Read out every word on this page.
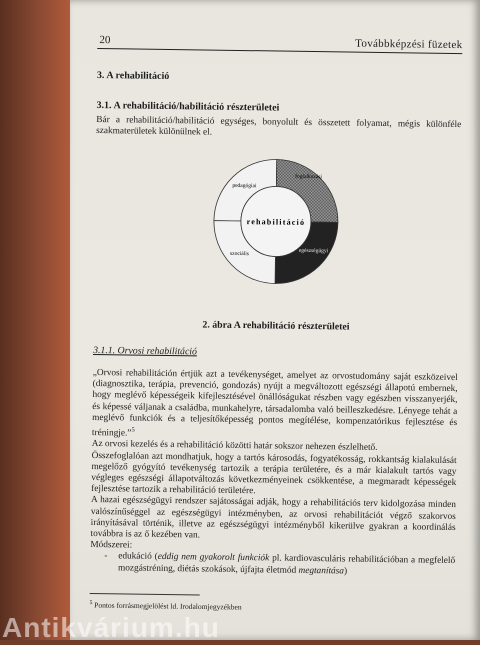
20	Továbbképzési füzetek
3. A rehabilitáció
3.1. A rehabilitáció/habilitáció részterületei
Bár a rehabilitáció/habilitáció egységes, bonyolult és összetett folyamat, mégis különféle szakmaterületek különülnek el.
rehabilitáció
pedagógiai
foglalkozási
egészségügyi
szociális
2. ábra A rehabilitáció részterületei
3.1.1. Orvosi rehabilitáció

„Orvosi rehabilitáción értjük azt a tevékenységet, amelyet az orvostudomány saját eszközeivel (diagnosztika, terápia, prevenció, gondozás) nyújt a megváltozott egészségi állapotú embernek, hogy meglévő képességeik kifejlesztésével önállóságukat részben vagy egészben visszanyerjék, és képessé váljanak a családba, munkahelyre, társadalomba való beilleszkedésre. Lényege tehát a meglévő funkciók és a teljesítőképesség pontos megítélése, kompenzatórikus fejlesztése és tréningje.”$^5$

Az orvosi kezelés és a rehabilitáció közötti határ sokszor nehezen észlelhető.

Összefoglalóan azt mondhatjuk, hogy a tartós károsodás, fogyatékosság, rokkantság kialakulását megelőző gyógyító tevékenység tartozik a terápia területére, és a már kialakult tartós vagy végleges egészségi állapotváltozás következményeinek csökkentése, a megmaradt képességek fejlesztése tartozik a rehabilitáció területére.

A hazai egészségügyi rendszer sajátosságai adják, hogy a rehabilitációs terv kidolgozása minden valószínűséggel az egészségügyi intézményben, az orvosi rehabilitációt végző szakorvos irányításával történik, illetve az egészségügyi intézményből kikerülve gyakran a koordinálás továbbra is az ő kezében van.

Módszerei:

-	edukáció (eddig nem gyakorolt funkciók pl. kardiovasculáris rehabilitációban a megfelelő mozgástréning, diétás szokások, újfajta életmód megtanítása)
$^5$ Pontos forrásmegjelölést ld. Irodalomjegyzékben
Antikvárium.hu
